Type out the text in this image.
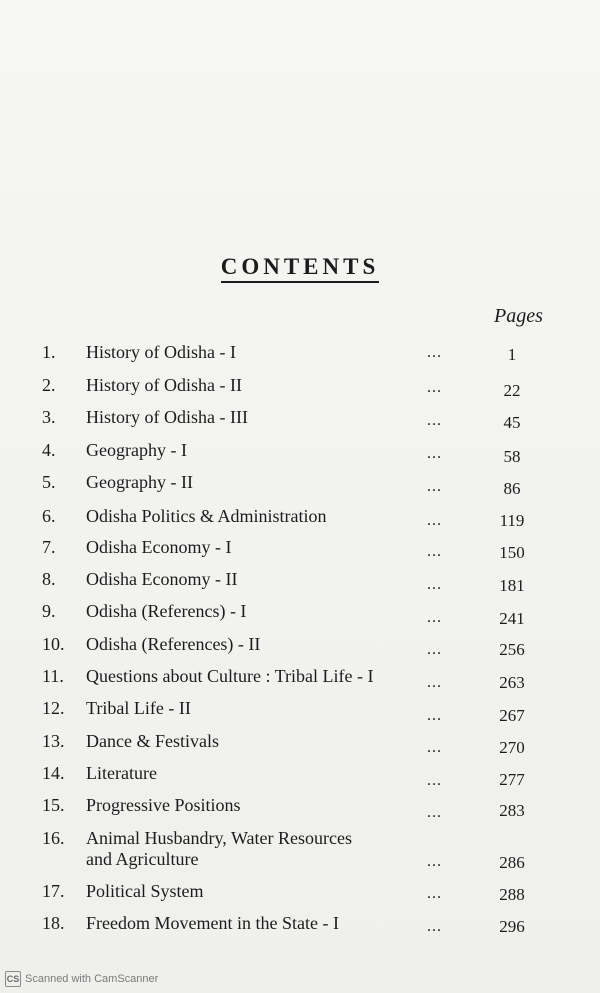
CONTENTS
Pages
1.	History of Odisha - I	...	1
2.	History of Odisha - II	...	22
3.	History of Odisha - III	...	45
4.	Geography - I	...	58
5.	Geography - II	...	86
6.	Odisha Politics & Administration	...	119
7.	Odisha Economy - I	...	150
8.	Odisha Economy - II	...	181
9.	Odisha (Referencs) - I	...	241
10.	Odisha (References) - II	...	256
11.	Questions about Culture : Tribal Life - I	...	263
12.	Tribal Life - II	...	267
13.	Dance & Festivals	...	270
14.	Literature	...	277
15.	Progressive Positions	...	283
16.	Animal Husbandry, Water Resources
and Agriculture	...	286
17.	Political System	...	288
18.	Freedom Movement in the State - I	...	296
CS Scanned with CamScanner
